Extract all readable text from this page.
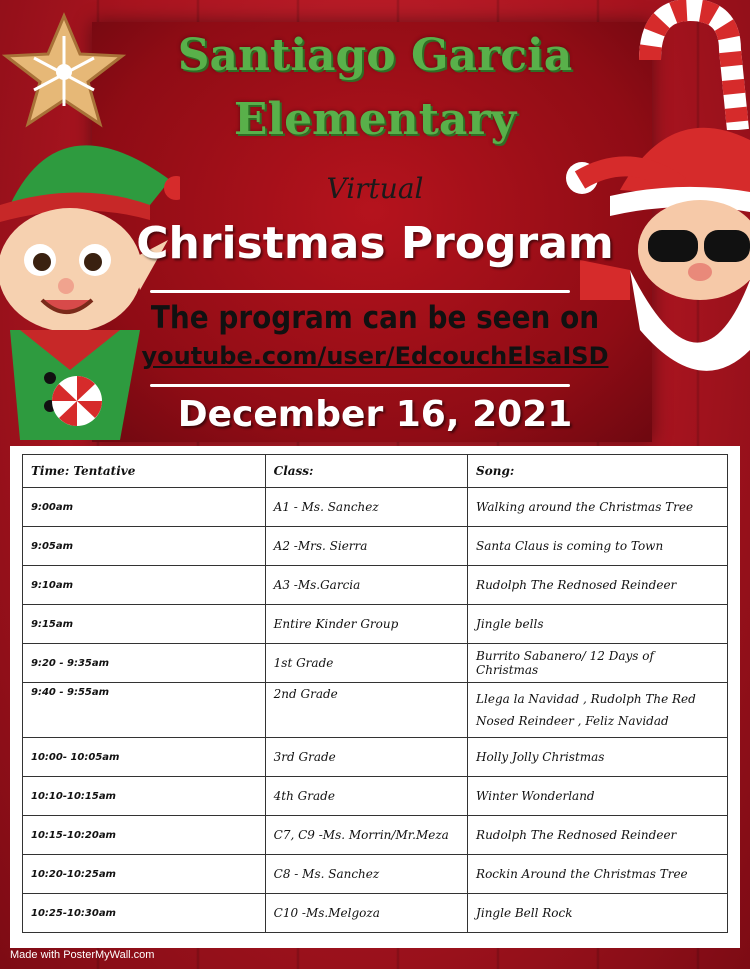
Santiago Garcia
Elementary
Virtual
Christmas Program
The program can be seen on
youtube.com/user/EdcouchElsaISD
December 16, 2021
Time: Tentative	Class:	Song:
9:00am	A1 - Ms. Sanchez	Walking around the Christmas Tree
9:05am	A2 -Mrs. Sierra	Santa Claus is coming to Town
9:10am	A3 -Ms.Garcia	Rudolph The Rednosed Reindeer
9:15am	Entire Kinder Group	Jingle bells
9:20 - 9:35am	1st Grade	Burrito Sabanero/ 12 Days of Christmas
9:40 - 9:55am	2nd Grade	Llega la Navidad , Rudolph The Red Nosed Reindeer , Feliz Navidad
10:00- 10:05am	3rd Grade	Holly Jolly Christmas
10:10-10:15am	4th Grade	Winter Wonderland
10:15-10:20am	C7, C9 -Ms. Morrin/Mr.Meza	Rudolph The Rednosed Reindeer
10:20-10:25am	C8 - Ms. Sanchez	Rockin Around the Christmas Tree
10:25-10:30am	C10 -Ms.Melgoza	Jingle Bell Rock
Made with PosterMyWall.com
